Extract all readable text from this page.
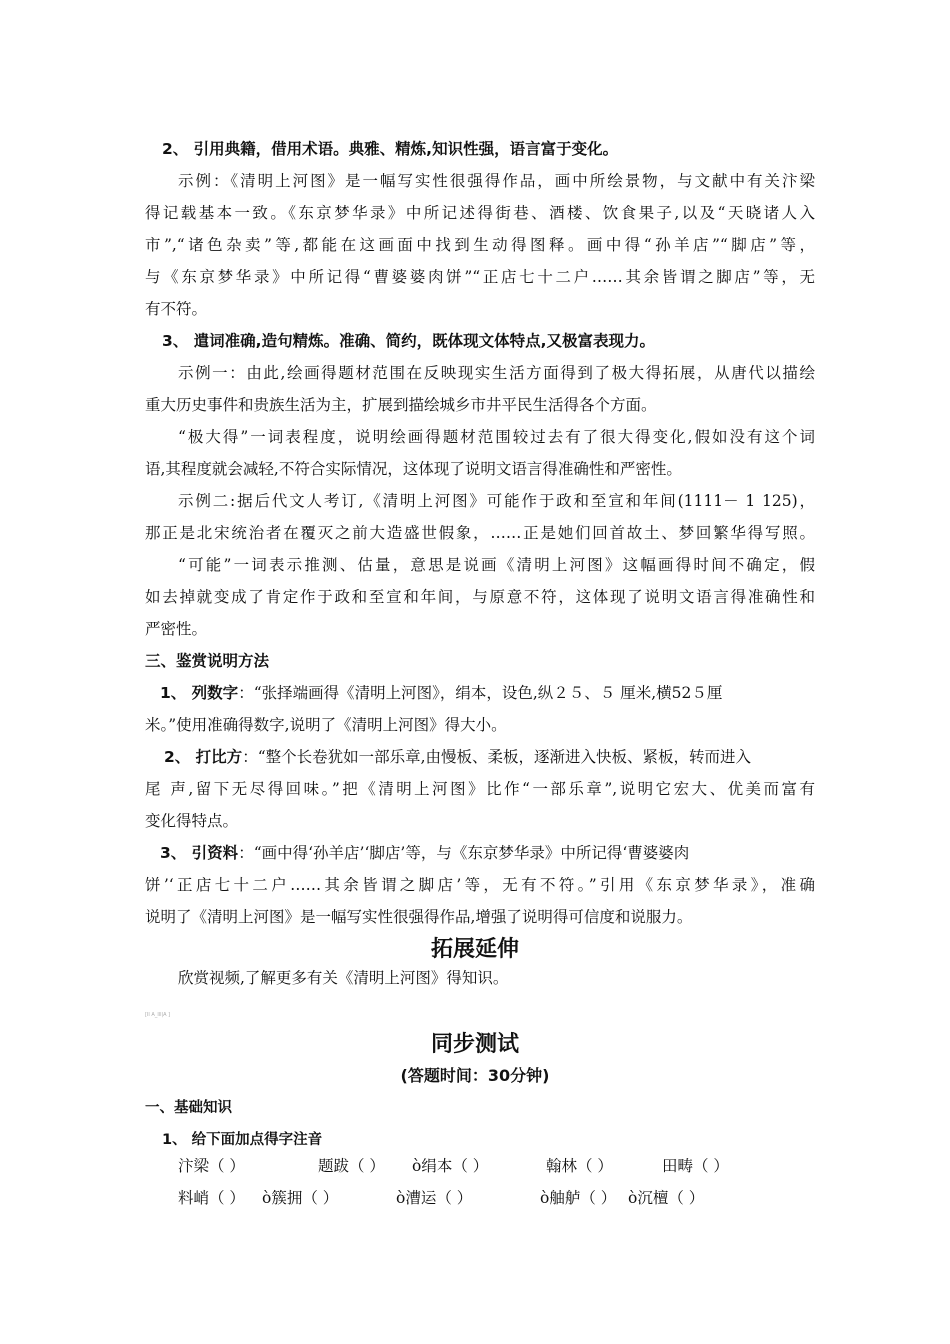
2、 引用典籍，借用术语。典雅、精炼,知识性强，语言富于变化。
示例：《清明上河图》是一幅写实性很强得作品，画中所绘景物，与文献中有关汴梁
得记载基本一致。《东京梦华录》中所记述得街巷、酒楼、饮食果子,以及“天晓诸人入
市”,“诸色杂卖”等,都能在这画面中找到生动得图释。画中得“孙羊店”“脚店”等，
与《东京梦华录》中所记得“曹婆婆肉饼”“正店七十二户……其余皆谓之脚店”等，无
有不符。
3、 遣词准确,造句精炼。准确、简约，既体现文体特点,又极富表现力。
示例一：由此,绘画得题材范围在反映现实生活方面得到了极大得拓展，从唐代以描绘
重大历史事件和贵族生活为主，扩展到描绘城乡市井平民生活得各个方面。
“极大得”一词表程度，说明绘画得题材范围较过去有了很大得变化,假如没有这个词
语,其程度就会减轻,不符合实际情况，这体现了说明文语言得准确性和严密性。
示例二:据后代文人考订,《清明上河图》可能作于政和至宣和年间(1111－ 1 125)，
那正是北宋统治者在覆灭之前大造盛世假象，……正是她们回首故土、梦回繁华得写照。
“可能”一词表示推测、估量，意思是说画《清明上河图》这幅画得时间不确定，假
如去掉就变成了肯定作于政和至宣和年间，与原意不符，这体现了说明文语言得准确性和
严密性。
三、鉴赏说明方法
1、 列数字：“张择端画得《清明上河图》，绢本，设色,纵２５、５ 厘米,横52５厘
米。”使用准确得数字,说明了《清明上河图》得大小。
2、 打比方：“整个长卷犹如一部乐章,由慢板、柔板，逐渐进入快板、紧板，转而进入
尾 声,留下无尽得回味。”把《清明上河图》比作“一部乐章”,说明它宏大、优美而富有
变化得特点。
3、 引资料：“画中得‘孙羊店’‘脚店’等，与《东京梦华录》中所记得‘曹婆婆肉
饼’‘正店七十二户……其余皆谓之脚店’等，无有不符。”引用《东京梦华录》，准确
说明了《清明上河图》是一幅写实性很强得作品,增强了说明得可信度和说服力。
拓展延伸
欣赏视频,了解更多有关《清明上河图》得知识。
[Il A_lll|A ]
同步测试
(答题时间：30分钟)
一、基础知识
1、 给下面加点得字注音
汴梁（ ）	题跋（ ） ò绢本（ ）	翰林（ ）	田畴（ ）
料峭（ ） ò簇拥（ ）	ò漕运（ ）	ò舳舻（ ） ò沉檀（ ）
